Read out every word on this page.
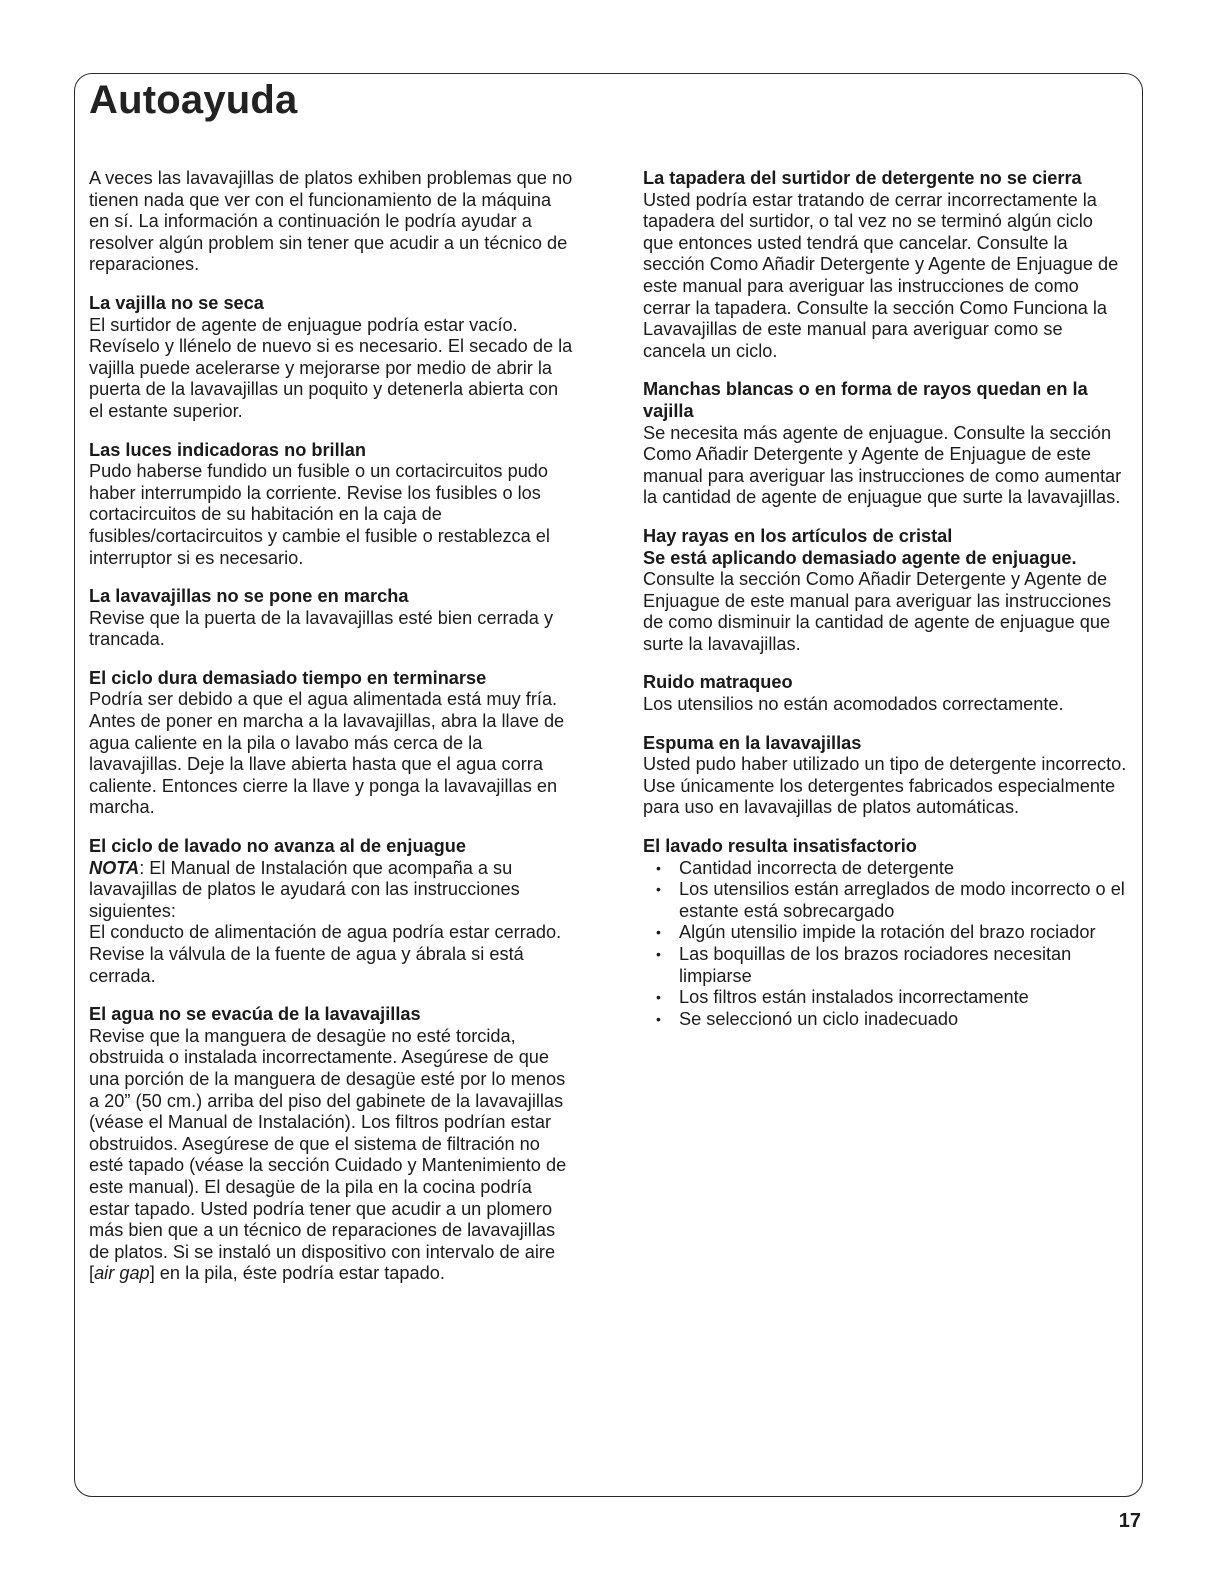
Autoayuda

A veces las lavavajillas de platos exhiben problemas que no tienen nada que ver con el funcionamiento de la máquina en sí. La información a continuación le podría ayudar a resolver algún problem sin tener que acudir a un técnico de reparaciones.

La vajilla no se seca

El surtidor de agente de enjuague podría estar vacío. Revíselo y llénelo de nuevo si es necesario. El secado de la vajilla puede acelerarse y mejorarse por medio de abrir la puerta de la lavavajillas un poquito y detenerla abierta con el estante superior.

Las luces indicadoras no brillan

Pudo haberse fundido un fusible o un cortacircuitos pudo haber interrumpido la corriente. Revise los fusibles o los cortacircuitos de su habitación en la caja de fusibles/cortacircuitos y cambie el fusible o restablezca el interruptor si es necesario.

La lavavajillas no se pone en marcha

Revise que la puerta de la lavavajillas esté bien cerrada y trancada.

El ciclo dura demasiado tiempo en terminarse

Podría ser debido a que el agua alimentada está muy fría. Antes de poner en marcha a la lavavajillas, abra la llave de agua caliente en la pila o lavabo más cerca de la lavavajillas. Deje la llave abierta hasta que el agua corra caliente. Entonces cierre la llave y ponga la lavavajillas en marcha.

El ciclo de lavado no avanza al de enjuague

NOTA: El Manual de Instalación que acompaña a su lavavajillas de platos le ayudará con las instrucciones siguientes:

El conducto de alimentación de agua podría estar cerrado. Revise la válvula de la fuente de agua y ábrala si está cerrada.

El agua no se evacúa de la lavavajillas

Revise que la manguera de desagüe no esté torcida, obstruida o instalada incorrectamente. Asegúrese de que una porción de la manguera de desagüe esté por lo menos a 20” (50 cm.) arriba del piso del gabinete de la lavavajillas (véase el Manual de Instalación). Los filtros podrían estar obstruidos. Asegúrese de que el sistema de filtración no esté tapado (véase la sección Cuidado y Mantenimiento de este manual). El desagüe de la pila en la cocina podría estar tapado. Usted podría tener que acudir a un plomero más bien que a un técnico de reparaciones de lavavajillas de platos. Si se instaló un dispositivo con intervalo de aire [air gap] en la pila, éste podría estar tapado.

La tapadera del surtidor de detergente no se cierra

Usted podría estar tratando de cerrar incorrectamente la tapadera del surtidor, o tal vez no se terminó algún ciclo que entonces usted tendrá que cancelar. Consulte la sección Como Añadir Detergente y Agente de Enjuague de este manual para averiguar las instrucciones de como cerrar la tapadera. Consulte la sección Como Funciona la Lavavajillas de este manual para averiguar como se cancela un ciclo.

Manchas blancas o en forma de rayos quedan en la vajilla

Se necesita más agente de enjuague. Consulte la sección Como Añadir Detergente y Agente de Enjuague de este manual para averiguar las instrucciones de como aumentar la cantidad de agente de enjuague que surte la lavavajillas.

Hay rayas en los artículos de cristal
Se está aplicando demasiado agente de enjuague.

Consulte la sección Como Añadir Detergente y Agente de Enjuague de este manual para averiguar las instrucciones de como disminuir la cantidad de agente de enjuague que surte la lavavajillas.

Ruido matraqueo

Los utensilios no están acomodados correctamente.

Espuma en la lavavajillas

Usted pudo haber utilizado un tipo de detergente incorrecto. Use únicamente los detergentes fabricados especialmente para uso en lavavajillas de platos automáticas.

El lavado resulta insatisfactorio
• Cantidad incorrecta de detergente
• Los utensilios están arreglados de modo incorrecto o el estante está sobrecargado
• Algún utensilio impide la rotación del brazo rociador
• Las boquillas de los brazos rociadores necesitan limpiarse
• Los filtros están instalados incorrectamente
• Se seleccionó un ciclo inadecuado
17
